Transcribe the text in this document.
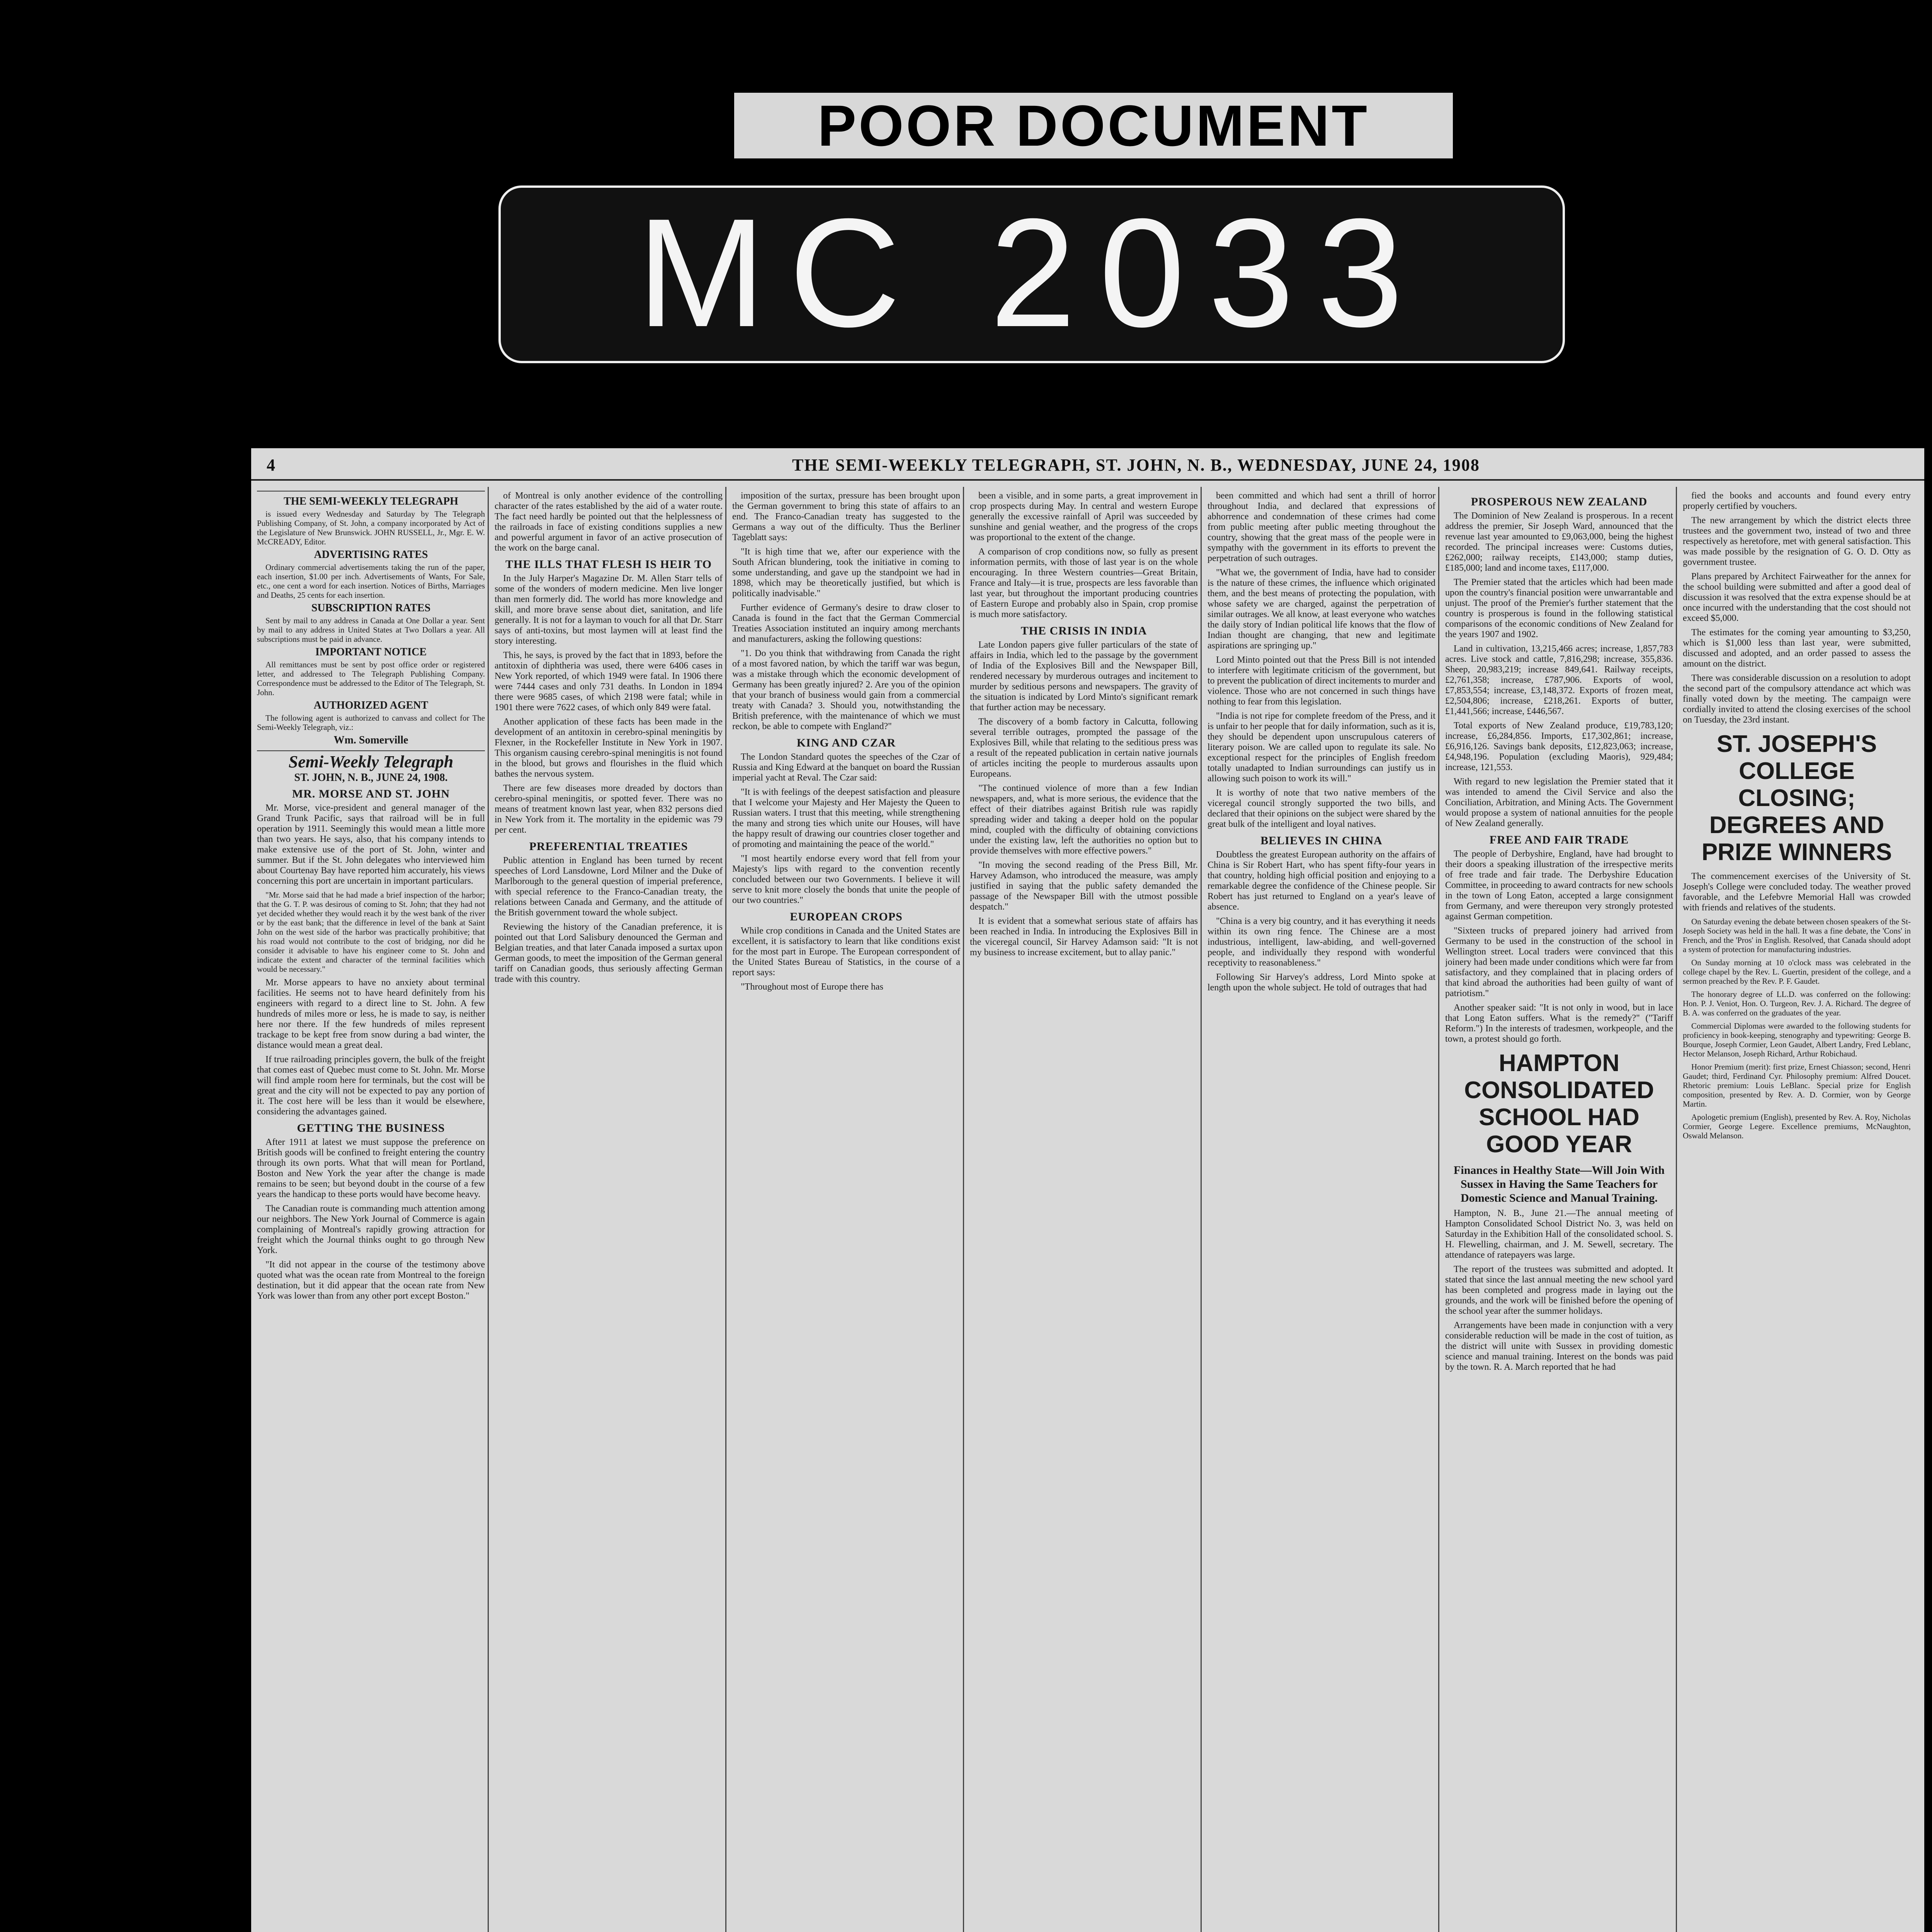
POOR DOCUMENT
MC 2033
4	THE SEMI-WEEKLY TELEGRAPH, ST. JOHN, N. B., WEDNESDAY, JUNE 24, 1908
THE SEMI-WEEKLY TELEGRAPH

is issued every Wednesday and Saturday by The Telegraph Publishing Company, of St. John, a company incorporated by Act of the Legislature of New Brunswick. JOHN RUSSELL, Jr., Mgr. E. W. McCREADY, Editor.

ADVERTISING RATES

Ordinary commercial advertisements taking the run of the paper, each insertion, $1.00 per inch. Advertisements of Wants, For Sale, etc., one cent a word for each insertion. Notices of Births, Marriages and Deaths, 25 cents for each insertion.

SUBSCRIPTION RATES

Sent by mail to any address in Canada at One Dollar a year. Sent by mail to any address in United States at Two Dollars a year. All subscriptions must be paid in advance.

IMPORTANT NOTICE

All remittances must be sent by post office order or registered letter, and addressed to The Telegraph Publishing Company. Correspondence must be addressed to the Editor of The Telegraph, St. John.

AUTHORIZED AGENT

The following agent is authorized to canvass and collect for The Semi-Weekly Telegraph, viz.:

Wm. Somerville
Semi-Weekly Telegraph
ST. JOHN, N. B., JUNE 24, 1908.
MR. MORSE AND ST. JOHN

Mr. Morse, vice-president and general manager of the Grand Trunk Pacific, says that railroad will be in full operation by 1911. Seemingly this would mean a little more than two years. He says, also, that his company intends to make extensive use of the port of St. John, winter and summer. But if the St. John delegates who interviewed him about Courtenay Bay have reported him accurately, his views concerning this port are uncertain in important particulars.

"Mr. Morse said that he had made a brief inspection of the harbor; that the G. T. P. was desirous of coming to St. John; that they had not yet decided whether they would reach it by the west bank of the river or by the east bank; that the difference in level of the bank at Saint John on the west side of the harbor was practically prohibitive; that his road would not contribute to the cost of bridging, nor did he consider it advisable to have his engineer come to St. John and indicate the extent and character of the terminal facilities which would be necessary."

Mr. Morse appears to have no anxiety about terminal facilities. He seems not to have heard definitely from his engineers with regard to a direct line to St. John. A few hundreds of miles more or less, he is made to say, is neither here nor there. If the few hundreds of miles represent trackage to be kept free from snow during a bad winter, the distance would mean a great deal.

If true railroading principles govern, the bulk of the freight that comes east of Quebec must come to St. John. Mr. Morse will find ample room here for terminals, but the cost will be great and the city will not be expected to pay any portion of it. The cost here will be less than it would be elsewhere, considering the advantages gained.

GETTING THE BUSINESS

After 1911 at latest we must suppose the preference on British goods will be confined to freight entering the country through its own ports. What that will mean for Portland, Boston and New York the year after the change is made remains to be seen; but beyond doubt in the course of a few years the handicap to these ports would have become heavy.

The Canadian route is commanding much attention among our neighbors. The New York Journal of Commerce is again complaining of Montreal's rapidly growing attraction for freight which the Journal thinks ought to go through New York.

"It did not appear in the course of the testimony above quoted what was the ocean rate from Montreal to the foreign destination, but it did appear that the ocean rate from New York was lower than from any other port except Boston."

of Montreal is only another evidence of the controlling character of the rates established by the aid of a water route. The fact need hardly be pointed out that the helplessness of the railroads in face of existing conditions supplies a new and powerful argument in favor of an active prosecution of the work on the barge canal.

THE ILLS THAT FLESH IS HEIR TO

In the July Harper's Magazine Dr. M. Allen Starr tells of some of the wonders of modern medicine. Men live longer than men formerly did. The world has more knowledge and skill, and more brave sense about diet, sanitation, and life generally. It is not for a layman to vouch for all that Dr. Starr says of anti-toxins, but most laymen will at least find the story interesting.

This, he says, is proved by the fact that in 1893, before the antitoxin of diphtheria was used, there were 6406 cases in New York reported, of which 1949 were fatal. In 1906 there were 7444 cases and only 731 deaths. In London in 1894 there were 9685 cases, of which 2198 were fatal; while in 1901 there were 7622 cases, of which only 849 were fatal.

Another application of these facts has been made in the development of an antitoxin in cerebro-spinal meningitis by Flexner, in the Rockefeller Institute in New York in 1907. This organism causing cerebro-spinal meningitis is not found in the blood, but grows and flourishes in the fluid which bathes the nervous system.

There are few diseases more dreaded by doctors than cerebro-spinal meningitis, or spotted fever. There was no means of treatment known last year, when 832 persons died in New York from it. The mortality in the epidemic was 79 per cent.

PREFERENTIAL TREATIES

Public attention in England has been turned by recent speeches of Lord Lansdowne, Lord Milner and the Duke of Marlborough to the general question of imperial preference, with special reference to the Franco-Canadian treaty, the relations between Canada and Germany, and the attitude of the British government toward the whole subject.

Reviewing the history of the Canadian preference, it is pointed out that Lord Salisbury denounced the German and Belgian treaties, and that later Canada imposed a surtax upon German goods, to meet the imposition of the German general tariff on Canadian goods, thus seriously affecting German trade with this country.

imposition of the surtax, pressure has been brought upon the German government to bring this state of affairs to an end. The Franco-Canadian treaty has suggested to the Germans a way out of the difficulty. Thus the Berliner Tageblatt says:

"It is high time that we, after our experience with the South African blundering, took the initiative in coming to some understanding, and gave up the standpoint we had in 1898, which may be theoretically justified, but which is politically inadvisable."

Further evidence of Germany's desire to draw closer to Canada is found in the fact that the German Commercial Treaties Association instituted an inquiry among merchants and manufacturers, asking the following questions:

"1. Do you think that withdrawing from Canada the right of a most favored nation, by which the tariff war was begun, was a mistake through which the economic development of Germany has been greatly injured? 2. Are you of the opinion that your branch of business would gain from a commercial treaty with Canada? 3. Should you, notwithstanding the British preference, with the maintenance of which we must reckon, be able to compete with England?"

KING AND CZAR

The London Standard quotes the speeches of the Czar of Russia and King Edward at the banquet on board the Russian imperial yacht at Reval. The Czar said:

"It is with feelings of the deepest satisfaction and pleasure that I welcome your Majesty and Her Majesty the Queen to Russian waters. I trust that this meeting, while strengthening the many and strong ties which unite our Houses, will have the happy result of drawing our countries closer together and of promoting and maintaining the peace of the world."

"I most heartily endorse every word that fell from your Majesty's lips with regard to the convention recently concluded between our two Governments. I believe it will serve to knit more closely the bonds that unite the people of our two countries."

EUROPEAN CROPS

While crop conditions in Canada and the United States are excellent, it is satisfactory to learn that like conditions exist for the most part in Europe. The European correspondent of the United States Bureau of Statistics, in the course of a report says:

"Throughout most of Europe there has

been a visible, and in some parts, a great improvement in crop prospects during May. In central and western Europe generally the excessive rainfall of April was succeeded by sunshine and genial weather, and the progress of the crops was proportional to the extent of the change.

A comparison of crop conditions now, so fully as present information permits, with those of last year is on the whole encouraging. In three Western countries—Great Britain, France and Italy—it is true, prospects are less favorable than last year, but throughout the important producing countries of Eastern Europe and probably also in Spain, crop promise is much more satisfactory.

THE CRISIS IN INDIA

Late London papers give fuller particulars of the state of affairs in India, which led to the passage by the government of India of the Explosives Bill and the Newspaper Bill, rendered necessary by murderous outrages and incitement to murder by seditious persons and newspapers. The gravity of the situation is indicated by Lord Minto's significant remark that further action may be necessary.

The discovery of a bomb factory in Calcutta, following several terrible outrages, prompted the passage of the Explosives Bill, while that relating to the seditious press was a result of the repeated publication in certain native journals of articles inciting the people to murderous assaults upon Europeans.

"The continued violence of more than a few Indian newspapers, and, what is more serious, the evidence that the effect of their diatribes against British rule was rapidly spreading wider and taking a deeper hold on the popular mind, coupled with the difficulty of obtaining convictions under the existing law, left the authorities no option but to provide themselves with more effective powers."

"In moving the second reading of the Press Bill, Mr. Harvey Adamson, who introduced the measure, was amply justified in saying that the public safety demanded the passage of the Newspaper Bill with the utmost possible despatch."

It is evident that a somewhat serious state of affairs has been reached in India. In introducing the Explosives Bill in the viceregal council, Sir Harvey Adamson said: "It is not my business to increase excitement, but to allay panic."

been committed and which had sent a thrill of horror throughout India, and declared that expressions of abhorrence and condemnation of these crimes had come from public meeting after public meeting throughout the country, showing that the great mass of the people were in sympathy with the government in its efforts to prevent the perpetration of such outrages.

"What we, the government of India, have had to consider is the nature of these crimes, the influence which originated them, and the best means of protecting the population, with whose safety we are charged, against the perpetration of similar outrages. We all know, at least everyone who watches the daily story of Indian political life knows that the flow of Indian thought are changing, that new and legitimate aspirations are springing up."

Lord Minto pointed out that the Press Bill is not intended to interfere with legitimate criticism of the government, but to prevent the publication of direct incitements to murder and violence. Those who are not concerned in such things have nothing to fear from this legislation.

"India is not ripe for complete freedom of the Press, and it is unfair to her people that for daily information, such as it is, they should be dependent upon unscrupulous caterers of literary poison. We are called upon to regulate its sale. No exceptional respect for the principles of English freedom totally unadapted to Indian surroundings can justify us in allowing such poison to work its will."

It is worthy of note that two native members of the viceregal council strongly supported the two bills, and declared that their opinions on the subject were shared by the great bulk of the intelligent and loyal natives.

BELIEVES IN CHINA

Doubtless the greatest European authority on the affairs of China is Sir Robert Hart, who has spent fifty-four years in that country, holding high official position and enjoying to a remarkable degree the confidence of the Chinese people. Sir Robert has just returned to England on a year's leave of absence.

"China is a very big country, and it has everything it needs within its own ring fence. The Chinese are a most industrious, intelligent, law-abiding, and well-governed people, and individually they respond with wonderful receptivity to reasonableness."

Following Sir Harvey's address, Lord Minto spoke at length upon the whole subject. He told of outrages that had

PROSPEROUS NEW ZEALAND

The Dominion of New Zealand is prosperous. In a recent address the premier, Sir Joseph Ward, announced that the revenue last year amounted to £9,063,000, being the highest recorded. The principal increases were: Customs duties, £262,000; railway receipts, £143,000; stamp duties, £185,000; land and income taxes, £117,000.

The Premier stated that the articles which had been made upon the country's financial position were unwarrantable and unjust. The proof of the Premier's further statement that the country is prosperous is found in the following statistical comparisons of the economic conditions of New Zealand for the years 1907 and 1902.

Land in cultivation, 13,215,466 acres; increase, 1,857,783 acres. Live stock and cattle, 7,816,298; increase, 355,836. Sheep, 20,983,219; increase 849,641. Railway receipts, £2,761,358; increase, £787,906. Exports of wool, £7,853,554; increase, £3,148,372. Exports of frozen meat, £2,504,806; increase, £218,261. Exports of butter, £1,441,566; increase, £446,567.

Total exports of New Zealand produce, £19,783,120; increase, £6,284,856. Imports, £17,302,861; increase, £6,916,126. Savings bank deposits, £12,823,063; increase, £4,948,196. Population (excluding Maoris), 929,484; increase, 121,553.

With regard to new legislation the Premier stated that it was intended to amend the Civil Service and also the Conciliation, Arbitration, and Mining Acts. The Government would propose a system of national annuities for the people of New Zealand generally.

FREE AND FAIR TRADE

The people of Derbyshire, England, have had brought to their doors a speaking illustration of the irrespective merits of free trade and fair trade. The Derbyshire Education Committee, in proceeding to award contracts for new schools in the town of Long Eaton, accepted a large consignment from Germany, and were thereupon very strongly protested against German competition.

"Sixteen trucks of prepared joinery had arrived from Germany to be used in the construction of the school in Wellington street. Local traders were convinced that this joinery had been made under conditions which were far from satisfactory, and they complained that in placing orders of that kind abroad the authorities had been guilty of want of patriotism."

Another speaker said: "It is not only in wood, but in lace that Long Eaton suffers. What is the remedy?" ("Tariff Reform.") In the interests of tradesmen, workpeople, and the town, a protest should go forth.

HAMPTON CONSOLIDATED SCHOOL HAD GOOD YEAR
Finances in Healthy State—Will Join With Sussex in Having the Same Teachers for Domestic Science and Manual Training.

Hampton, N. B., June 21.—The annual meeting of Hampton Consolidated School District No. 3, was held on Saturday in the Exhibition Hall of the consolidated school. S. H. Flewelling, chairman, and J. M. Sewell, secretary. The attendance of ratepayers was large.

The report of the trustees was submitted and adopted. It stated that since the last annual meeting the new school yard has been completed and progress made in laying out the grounds, and the work will be finished before the opening of the school year after the summer holidays.

Arrangements have been made in conjunction with a very considerable reduction will be made in the cost of tuition, as the district will unite with Sussex in providing domestic science and manual training. Interest on the bonds was paid by the town. R. A. March reported that he had

fied the books and accounts and found every entry properly certified by vouchers.

The new arrangement by which the district elects three trustees and the government two, instead of two and three respectively as heretofore, met with general satisfaction. This was made possible by the resignation of G. O. D. Otty as government trustee.

Plans prepared by Architect Fairweather for the annex for the school building were submitted and after a good deal of discussion it was resolved that the extra expense should be at once incurred with the understanding that the cost should not exceed $5,000.

The estimates for the coming year amounting to $3,250, which is $1,000 less than last year, were submitted, discussed and adopted, and an order passed to assess the amount on the district.

There was considerable discussion on a resolution to adopt the second part of the compulsory attendance act which was finally voted down by the meeting. The campaign were cordially invited to attend the closing exercises of the school on Tuesday, the 23rd instant.

ST. JOSEPH'S COLLEGE CLOSING; DEGREES AND PRIZE WINNERS

The commencement exercises of the University of St. Joseph's College were concluded today. The weather proved favorable, and the Lefebvre Memorial Hall was crowded with friends and relatives of the students.

On Saturday evening the debate between chosen speakers of the St-Joseph Society was held in the hall. It was a fine debate, the 'Cons' in French, and the 'Pros' in English. Resolved, that Canada should adopt a system of protection for manufacturing industries.

On Sunday morning at 10 o'clock mass was celebrated in the college chapel by the Rev. L. Guertin, president of the college, and a sermon preached by the Rev. P. F. Gaudet.

The honorary degree of LL.D. was conferred on the following: Hon. P. J. Veniot, Hon. O. Turgeon, Rev. J. A. Richard. The degree of B. A. was conferred on the graduates of the year.

Commercial Diplomas were awarded to the following students for proficiency in book-keeping, stenography and typewriting: George B. Bourque, Joseph Cormier, Leon Gaudet, Albert Landry, Fred Leblanc, Hector Melanson, Joseph Richard, Arthur Robichaud.

Honor Premium (merit): first prize, Ernest Chiasson; second, Henri Gaudet; third, Ferdinand Cyr. Philosophy premium: Alfred Doucet. Rhetoric premium: Louis LeBlanc. Special prize for English composition, presented by Rev. A. D. Cormier, won by George Martin.

Apologetic premium (English), presented by Rev. A. Roy, Nicholas Cormier, George Legere. Excellence premiums, McNaughton, Oswald Melanson.
